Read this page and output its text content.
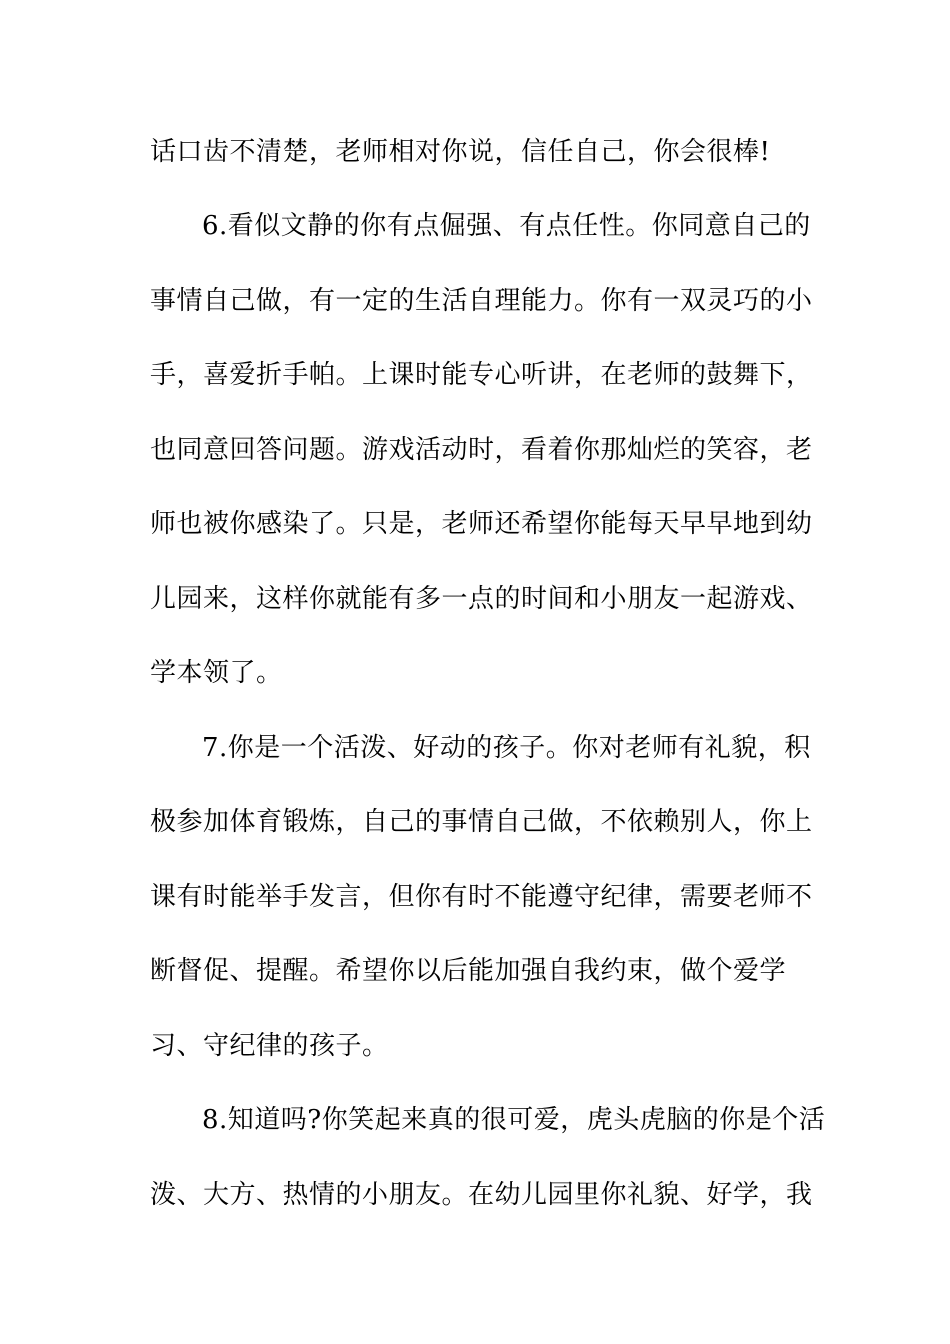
话口齿不清楚，老师相对你说，信任自己，你会很棒!
6.看似文静的你有点倔强、有点任性。你同意自己的
事情自己做，有一定的生活自理能力。你有一双灵巧的小
手，喜爱折手帕。上课时能专心听讲，在老师的鼓舞下，
也同意回答问题。游戏活动时，看着你那灿烂的笑容，老
师也被你感染了。只是，老师还希望你能每天早早地到幼
儿园来，这样你就能有多一点的时间和小朋友一起游戏、
学本领了。
7.你是一个活泼、好动的孩子。你对老师有礼貌，积
极参加体育锻炼，自己的事情自己做，不依赖别人，你上
课有时能举手发言，但你有时不能遵守纪律，需要老师不
断督促、提醒。希望你以后能加强自我约束，做个爱学
习、守纪律的孩子。
8.知道吗?你笑起来真的很可爱，虎头虎脑的你是个活
泼、大方、热情的小朋友。在幼儿园里你礼貌、好学，我
